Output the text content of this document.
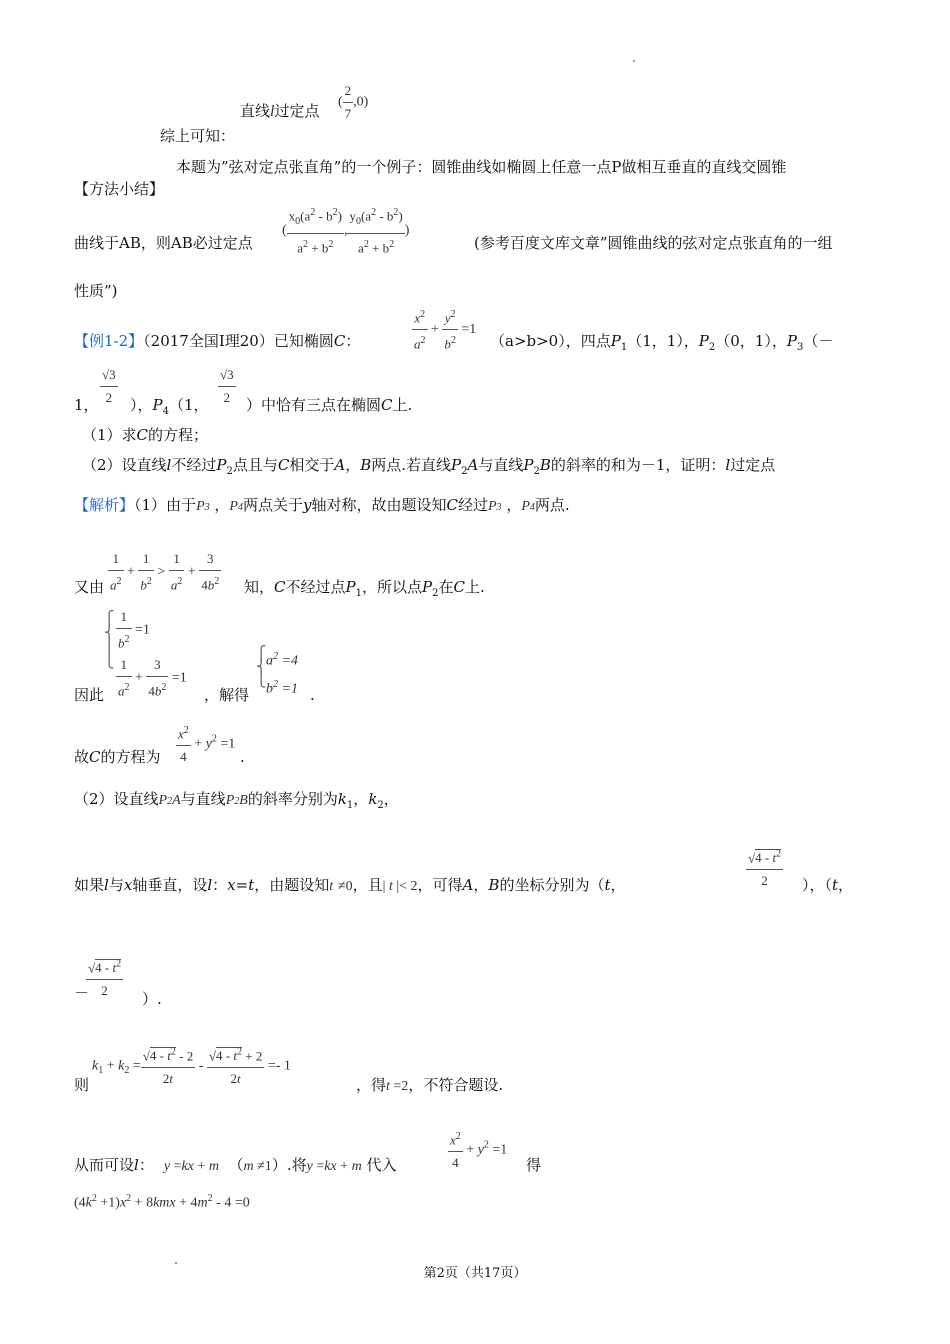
直线l过定点 ( $\frac{2}{7} ,0$)
综上可知：
本题为”弦对定点张直角”的一个例子：圆锥曲线如椭圆上任意一点P做相互垂直的直线交圆锥
【方法小结】
曲线于AB，则AB必过定点
( $\frac{x_0(a^2 - b^2)}{a^2 + b^2}$ , $\frac{y_0(a^2 - b^2)}{a^2 + b^2}$ )
(参考百度文库文章”圆锥曲线的弦对定点张直角的一组
性质”)
【例1-2】（2017全国Ⅰ理20）已知椭圆C：	$\frac{x^2}{a^2} + \frac{y^2}{b^2} =1$
（a>b>0），四点$P_1(1$，1），$P_2(0$，1），$P_3(-$
1， $\frac{√3}{2}$ ），$P_4(1$， $\frac{√3}{2}$ ）中恰有三点在椭圆C上.
（1）求C的方程；
（2）设直线l不经过$P_2$点且与C相交于A，B两点.若直线$P_2A$与直线$P_2B$的斜率的和为－1，证明：l过定点
【解析】（1）由于P3 ，P4两点关于y轴对称，故由题设知C经过P3 ，P4两点.
又由 $\frac{1}{a^2} + \frac{1}{b^2} > \frac{1}{a^2} + \frac{3}{4b^2}$ 知，C不经过点$P_1$，所以点$P_2$在C上.
⎧
⎨
⎪
⎩
$\frac{1}{b^2} =1$
$\frac{1}{a^2} + \frac{3}{4b^2} =1$
因此	，解得
⎧
⎨
⎩
$a^2 =4$
$b^2 =1$ .
故C的方程为 $\frac{x^2}{4} + y^2 =1$
.
（2）设直线P2A与直线P2B的斜率分别为$k_1$，$k_2$，
如果l与x轴垂直，设l：x=t，由题设知t ≠0，且| t |< 2，可得A，B的坐标分别为（t，	$\frac{√4 - t^2}{2}$ ），（t，
－
$\frac{√4 - t^2}{2}$ ）.
则
$k_1 + k_2 = \frac{√4 - t^2 - 2}{2t} - \frac{√4 - t^2 + 2}{2t} =- 1$
，得t =2，不符合题设.
从而可设l： y =kx + m （m ≠1）.将y =kx + m 代入	$\frac{x^2}{4} + y^2 =1$
得
$(4k^2 +1)x^2 + 8kmx + 4m^2 - 4 =0$
第2页（共17页）
